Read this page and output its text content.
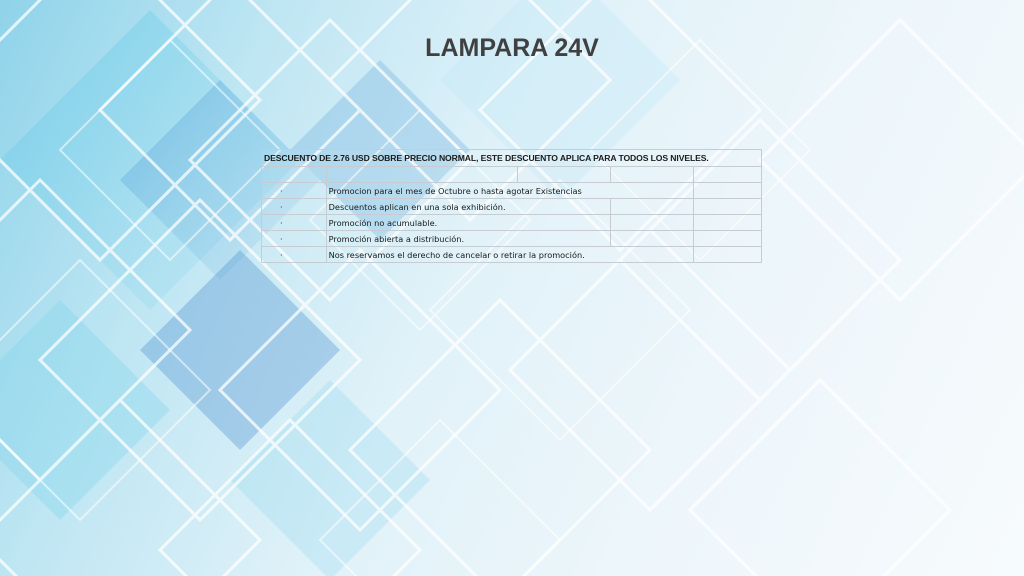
LAMPARA 24V
DESCUENTO DE 2.76 USD SOBRE PRECIO NORMAL, ESTE DESCUENTO APLICA PARA TODOS LOS NIVELES.				

·	Promocion para el mes de Octubre o hasta agotar Existencias			
·	Descuentos aplican en una sola exhibición.			
·	Promoción no acumulable.			
·	Promoción abierta a distribución.			
·	Nos reservamos el derecho de cancelar o retirar la promoción.			
